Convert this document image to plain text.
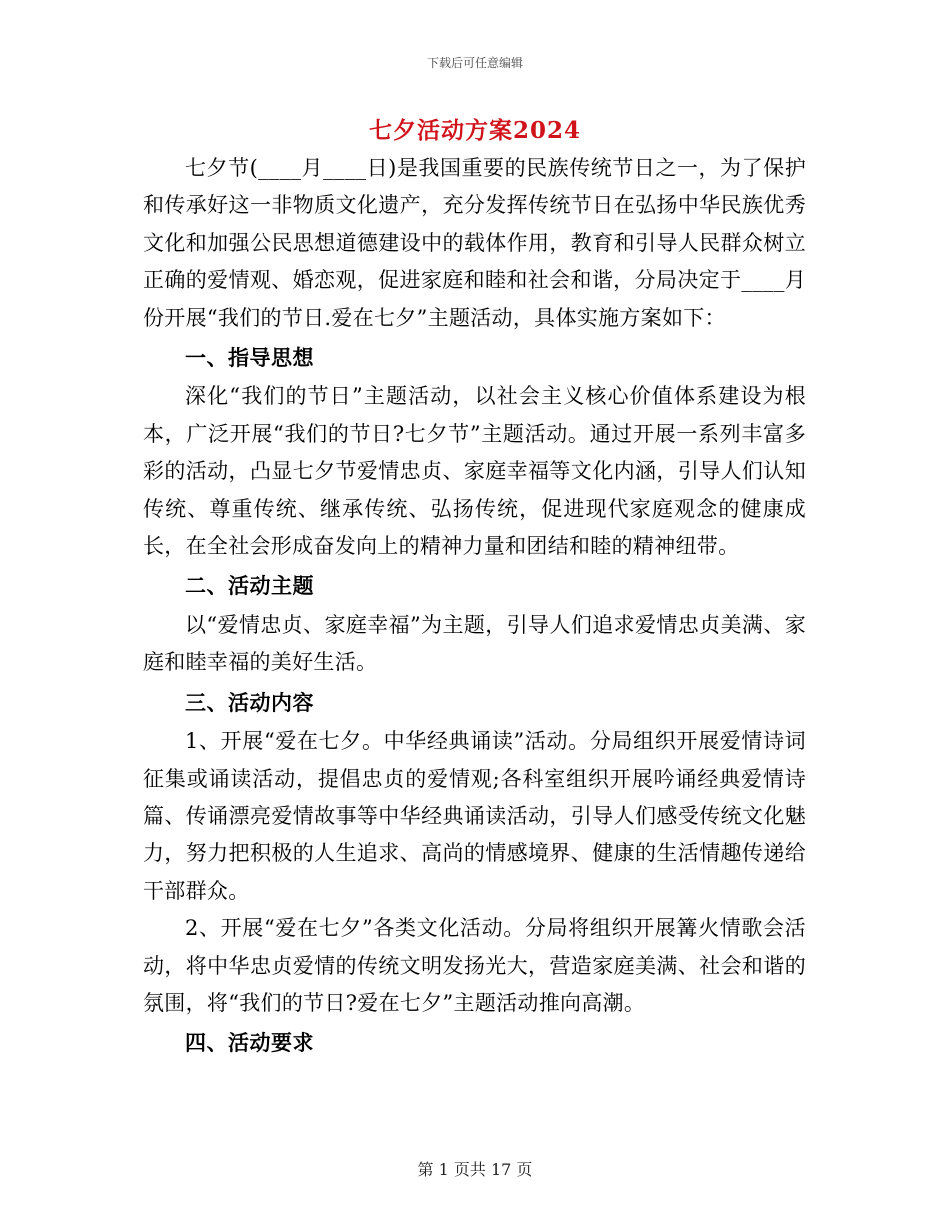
下载后可任意编辑
七夕活动方案2024

七夕节(____月____日)是我国重要的民族传统节日之一，为了保护和传承好这一非物质文化遗产，充分发挥传统节日在弘扬中华民族优秀文化和加强公民思想道德建设中的载体作用，教育和引导人民群众树立正确的爱情观、婚恋观，促进家庭和睦和社会和谐，分局决定于____月份开展“我们的节日.爱在七夕”主题活动，具体实施方案如下：

一、指导思想

深化“我们的节日”主题活动，以社会主义核心价值体系建设为根本，广泛开展“我们的节日?七夕节”主题活动。通过开展一系列丰富多彩的活动，凸显七夕节爱情忠贞、家庭幸福等文化内涵，引导人们认知传统、尊重传统、继承传统、弘扬传统，促进现代家庭观念的健康成长，在全社会形成奋发向上的精神力量和团结和睦的精神纽带。

二、活动主题

以“爱情忠贞、家庭幸福”为主题，引导人们追求爱情忠贞美满、家庭和睦幸福的美好生活。

三、活动内容

1、开展“爱在七夕。中华经典诵读”活动。分局组织开展爱情诗词征集或诵读活动，提倡忠贞的爱情观;各科室组织开展吟诵经典爱情诗篇、传诵漂亮爱情故事等中华经典诵读活动，引导人们感受传统文化魅力，努力把积极的人生追求、高尚的情感境界、健康的生活情趣传递给干部群众。

2、开展“爱在七夕”各类文化活动。分局将组织开展篝火情歌会活动，将中华忠贞爱情的传统文明发扬光大，营造家庭美满、社会和谐的氛围，将“我们的节日?爱在七夕”主题活动推向高潮。

四、活动要求

第 1 页共 17 页
